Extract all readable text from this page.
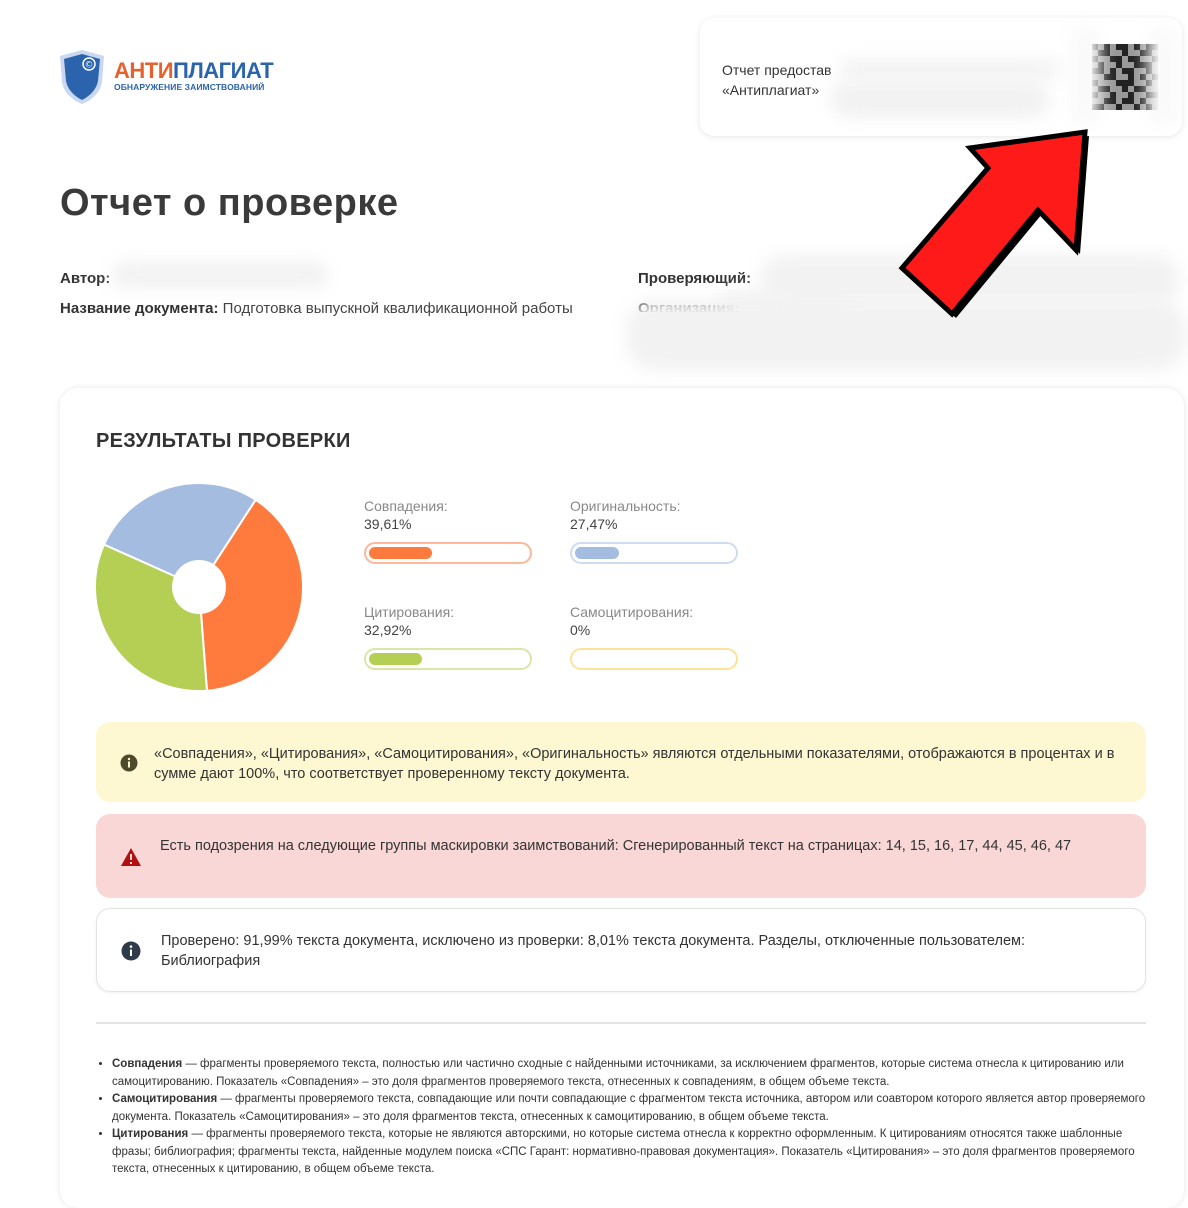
© АНТИПЛАГИАТ
ОБНАРУЖЕНИЕ ЗАИМСТВОВАНИЙ
Отчет предостав
«Антиплагиат»
Отчет о проверке
Автор:
Название документа: Подготовка выпускной квалификационной работы
Проверяющий:
РЕЗУЛЬТАТЫ ПРОВЕРКИ
Совпадения:
39,61%
Оригинальность:
27,47%
Цитирования:
32,92%
Самоцитирования:
0%
«Совпадения», «Цитирования», «Самоцитирования», «Оригинальность» являются отдельными показателями, отображаются в процентах и в сумме дают 100%, что соответствует проверенному тексту документа.
Есть подозрения на следующие группы маскировки заимствований: Сгенерированный текст на страницах: 14, 15, 16, 17, 44, 45, 46, 47
Проверено: 91,99% текста документа, исключено из проверки: 8,01% текста документа. Разделы, отключенные пользователем: Библиография
• Совпадения — фрагменты проверяемого текста, полностью или частично сходные с найденными источниками, за исключением фрагментов, которые система отнесла к цитированию или самоцитированию. Показатель «Совпадения» – это доля фрагментов проверяемого текста, отнесенных к совпадениям, в общем объеме текста.
• Самоцитирования — фрагменты проверяемого текста, совпадающие или почти совпадающие с фрагментом текста источника, автором или соавтором которого является автор проверяемого документа. Показатель «Самоцитирования» – это доля фрагментов текста, отнесенных к самоцитированию, в общем объеме текста.
• Цитирования — фрагменты проверяемого текста, которые не являются авторскими, но которые система отнесла к корректно оформленным. К цитированиям относятся также шаблонные фразы; библиография; фрагменты текста, найденные модулем поиска «СПС Гарант: нормативно-правовая документация». Показатель «Цитирования» – это доля фрагментов проверяемого текста, отнесенных к цитированию, в общем объеме текста.
